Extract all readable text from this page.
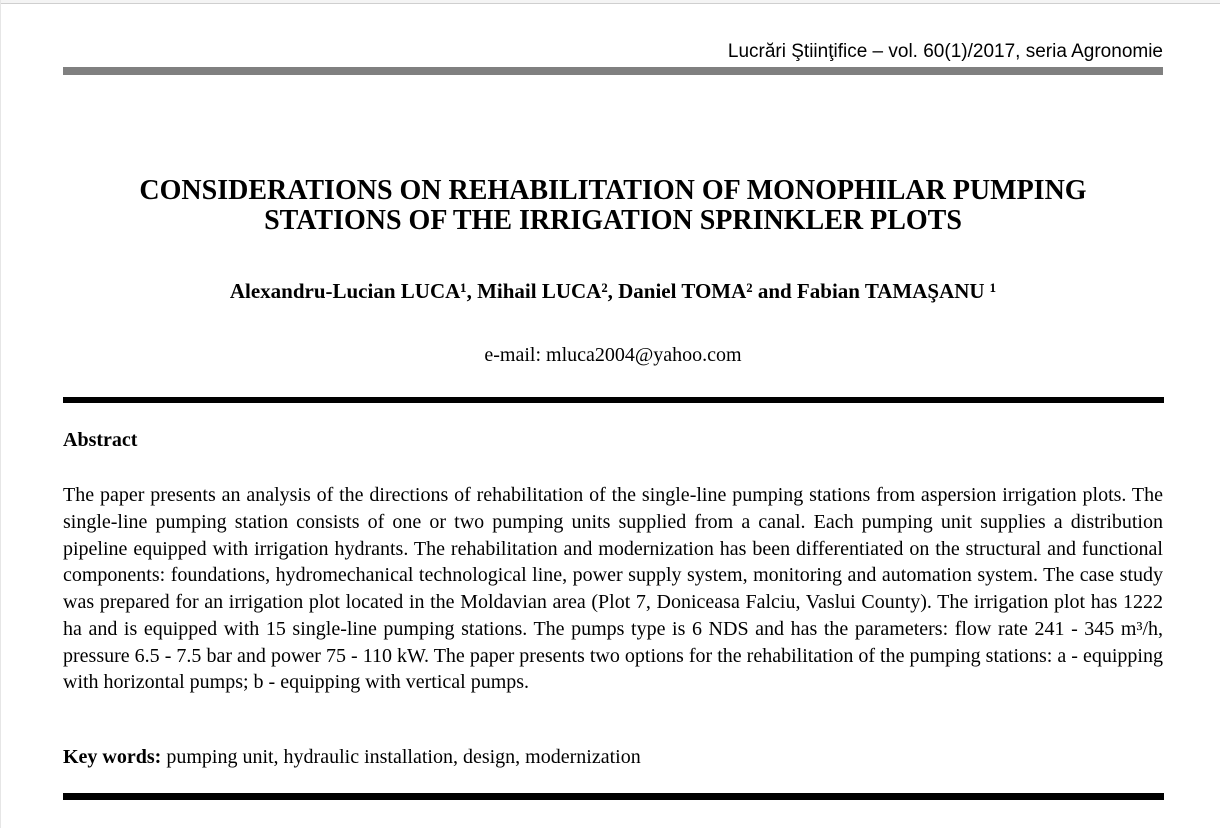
Lucrări Ştiinţifice – vol. 60(1)/2017, seria Agronomie
CONSIDERATIONS ON REHABILITATION OF MONOPHILAR PUMPING
STATIONS OF THE IRRIGATION SPRINKLER PLOTS
Alexandru-Lucian LUCA¹, Mihail LUCA², Daniel TOMA² and Fabian TAMAŞANU ¹
e-mail: mluca2004@yahoo.com
Abstract
The paper presents an analysis of the directions of rehabilitation of the single-line pumping stations from aspersion irrigation plots. The single-line pumping station consists of one or two pumping units supplied from a canal. Each pumping unit supplies a distribution pipeline equipped with irrigation hydrants. The rehabilitation and modernization has been differentiated on the structural and functional components: foundations, hydromechanical technological line, power supply system, monitoring and automation system. The case study was prepared for an irrigation plot located in the Moldavian area (Plot 7, Doniceasa Falciu, Vaslui County). The irrigation plot has 1222 ha and is equipped with 15 single-line pumping stations. The pumps type is 6 NDS and has the parameters: flow rate 241 - 345 m³/h, pressure 6.5 - 7.5 bar and power 75 - 110 kW. The paper presents two options for the rehabilitation of the pumping stations: a - equipping with horizontal pumps; b - equipping with vertical pumps.
Key words: pumping unit, hydraulic installation, design, modernization
